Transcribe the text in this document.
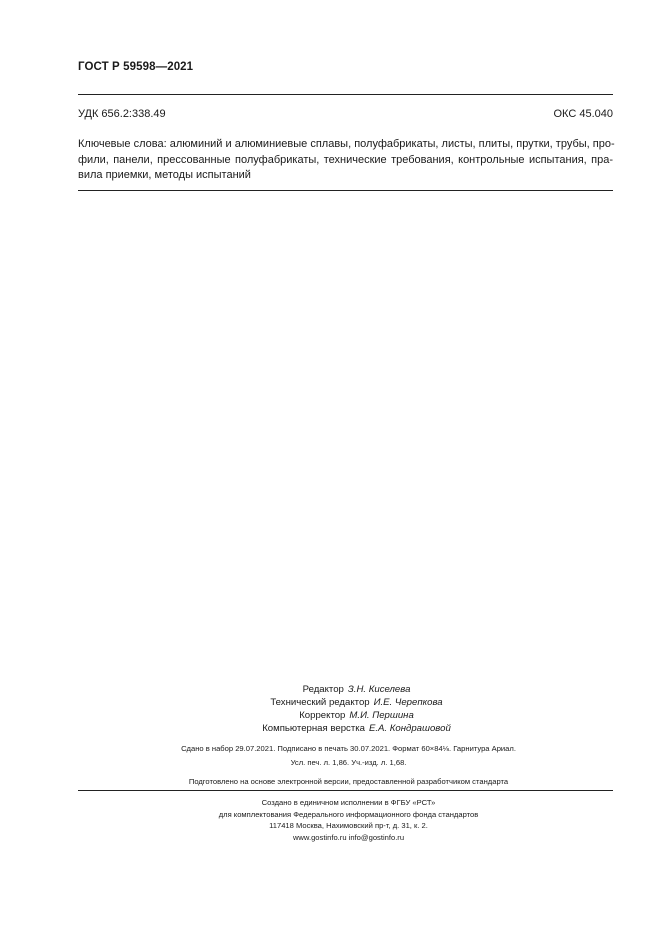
ГОСТ Р 59598—2021
УДК 656.2:338.49	ОКС 45.040
Ключевые слова: алюминий и алюминиевые сплавы, полуфабрикаты, листы, плиты, прутки, трубы, про-
фили, панели, прессованные полуфабрикаты, технические требования, контрольные испытания, пра-
вила приемки, методы испытаний
Редактор З.Н. Киселева
Технический редактор И.Е. Черепкова
Корректор М.И. Першина
Компьютерная верстка Е.А. Кондрашовой
Сдано в набор 29.07.2021. Подписано в печать 30.07.2021. Формат 60×84⅛. Гарнитура Ариал.
Усл. печ. л. 1,86. Уч.-изд. л. 1,68.
Подготовлено на основе электронной версии, предоставленной разработчиком стандарта
Создано в единичном исполнении в ФГБУ «РСТ»
для комплектования Федерального информационного фонда стандартов
117418 Москва, Нахимовский пр-т, д. 31, к. 2.
www.gostinfo.ru info@gostinfo.ru
